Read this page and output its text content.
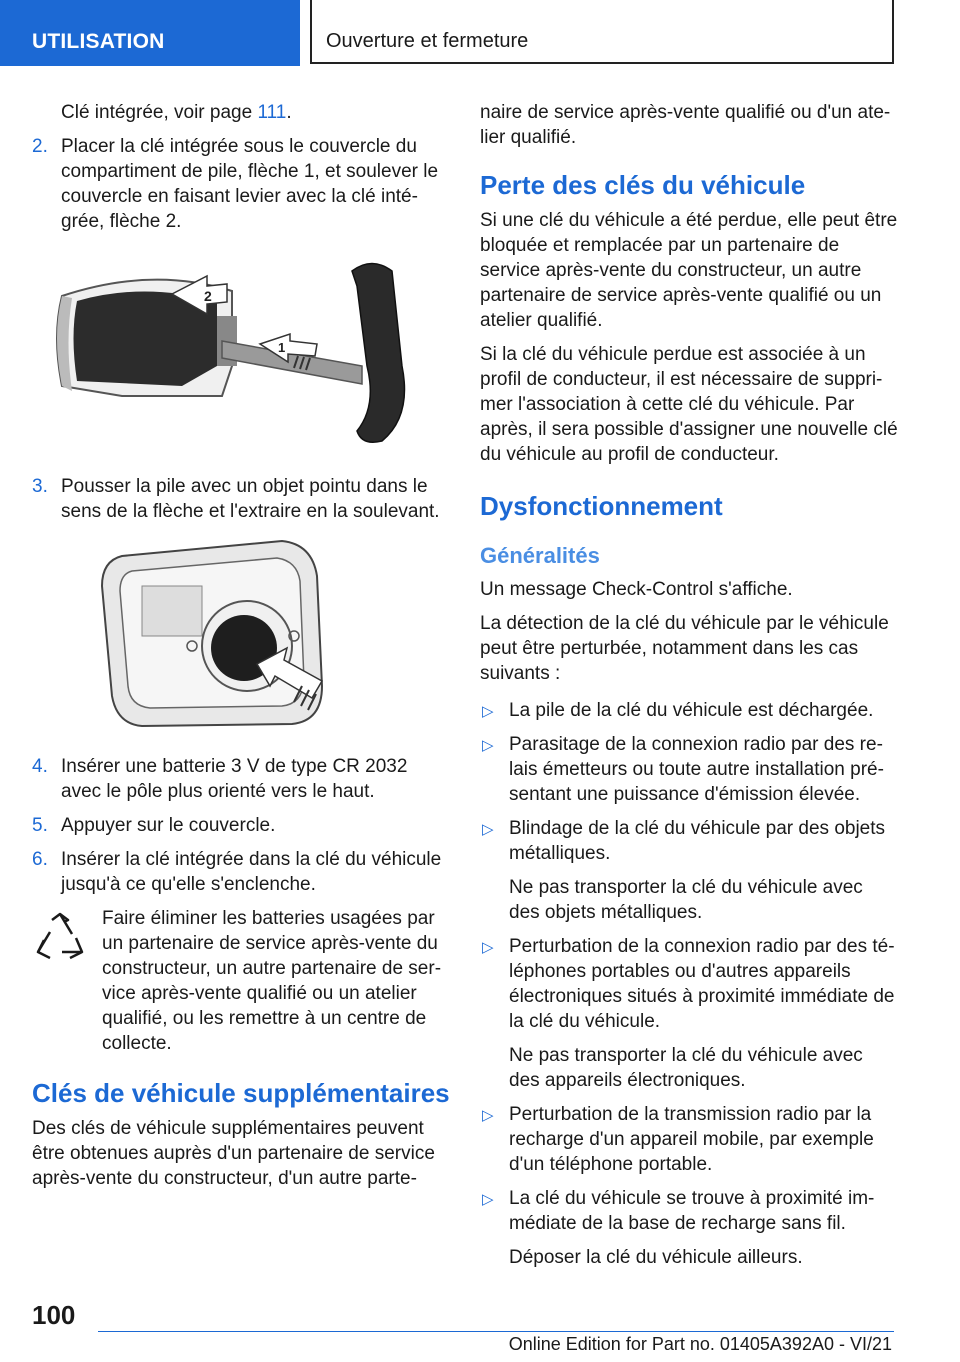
UTILISATION	Ouverture et fermeture

Clé intégrée, voir page 111.

2. Placer la clé intégrée sous le couvercle du compartiment de pile, flèche 1, et soulever le couvercle en faisant levier avec la clé inté- grée, flèche 2.
2
1
3. Pousser la pile avec un objet pointu dans le sens de la flèche et l'extraire en la soulevant.
4. Insérer une batterie 3 V de type CR 2032 avec le pôle plus orienté vers le haut.
5. Appuyer sur le couvercle.
6. Insérer la clé intégrée dans la clé du véhicule jusqu'à ce qu'elle s'enclenche.

Faire éliminer les batteries usagées par un partenaire de service après-vente du constructeur, un autre partenaire de ser- vice après-vente qualifié ou un atelier qualifié, ou les remettre à un centre de collecte.

Clés de véhicule supplémentaires

Des clés de véhicule supplémentaires peuvent être obtenues auprès d'un partenaire de service après-vente du constructeur, d'un autre parte-

naire de service après-vente qualifié ou d'un ate- lier qualifié.

Perte des clés du véhicule

Si une clé du véhicule a été perdue, elle peut être bloquée et remplacée par un partenaire de service après-vente du constructeur, un autre partenaire de service après-vente qualifié ou un atelier qualifié.

Si la clé du véhicule perdue est associée à un profil de conducteur, il est nécessaire de suppri- mer l'association à cette clé du véhicule. Par après, il sera possible d'assigner une nouvelle clé du véhicule au profil de conducteur.

Dysfonctionnement
Généralités

Un message Check-Control s'affiche.

La détection de la clé du véhicule par le véhicule peut être perturbée, notamment dans les cas suivants :

▷ La pile de la clé du véhicule est déchargée.
▷ Parasitage de la connexion radio par des re- lais émetteurs ou toute autre installation pré- sentant une puissance d'émission élevée.
▷ Blindage de la clé du véhicule par des objets métalliques.

Ne pas transporter la clé du véhicule avec des objets métalliques.

▷ Perturbation de la connexion radio par des té- léphones portables ou d'autres appareils électroniques situés à proximité immédiate de la clé du véhicule.

Ne pas transporter la clé du véhicule avec des appareils électroniques.

▷ Perturbation de la transmission radio par la recharge d'un appareil mobile, par exemple d'un téléphone portable.
▷ La clé du véhicule se trouve à proximité im- médiate de la base de recharge sans fil.

Déposer la clé du véhicule ailleurs.

100
Online Edition for Part no. 01405A392A0 - VI/21
